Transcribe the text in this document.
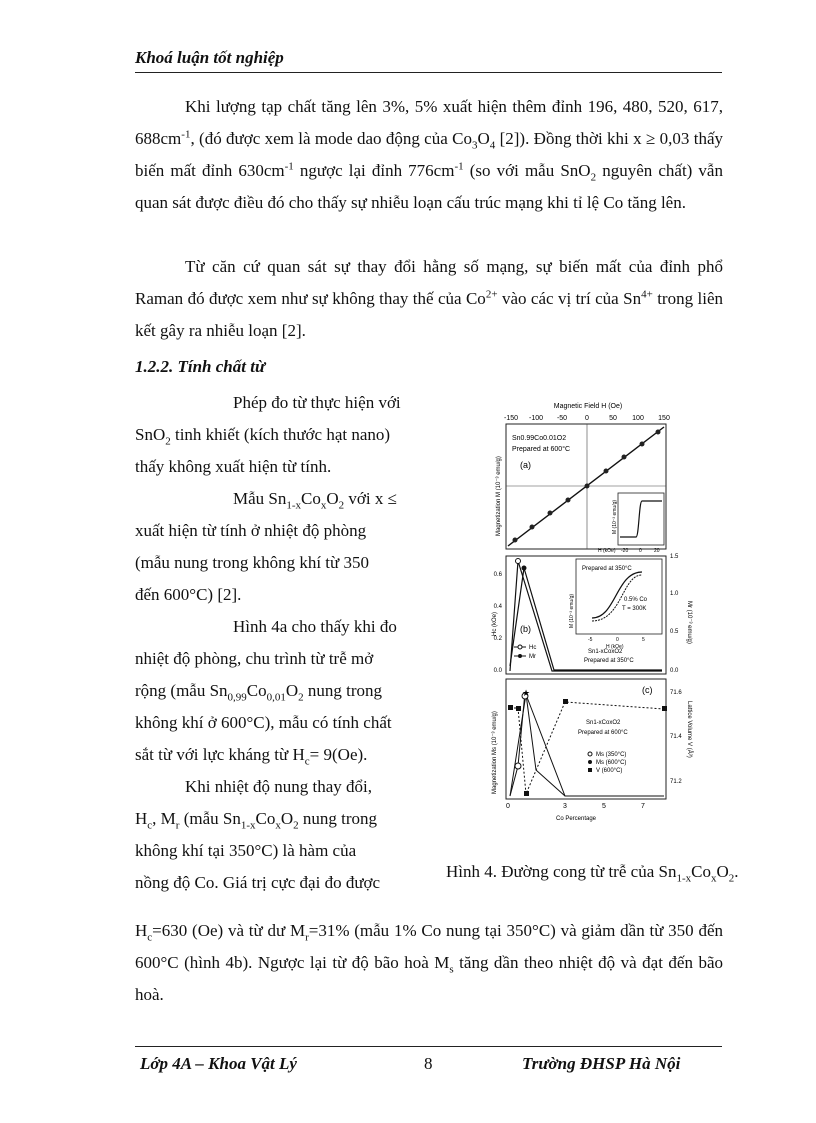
Khoá luận tốt nghiệp
Khi lượng tạp chất tăng lên 3%, 5% xuất hiện thêm đỉnh 196, 480, 520, 617, $688cm^{-1}$, (đó được xem là mode dao động của $Co_3O_4$ [2]). Đồng thời khi x ≥ 0,03 thấy biến mất đỉnh $630cm^{-1}$ ngược lại đỉnh $776cm^{-1}$ (so với mẫu SnO$_2$ nguyên chất) vẫn quan sát được điều đó cho thấy sự nhiễu loạn cấu trúc mạng khi tỉ lệ Co tăng lên.
Từ căn cứ quan sát sự thay đổi hằng số mạng, sự biến mất của đỉnh phổ Raman đó được xem như sự không thay thế của $Co^{2+}$ vào các vị trí của $Sn^{4+}$ trong liên kết gây ra nhiễu loạn [2].
1.2.2. Tính chất từ

Phép đo từ thực hiện với

SnO$_2$ tinh khiết (kích thước hạt nano)

thấy không xuất hiện từ tính.

Mẫu $Sn_{1-x}Co_xO_2$ với x ≤

xuất hiện từ tính ở nhiệt độ phòng

(mẫu nung trong không khí từ 350

đến 600°C) [2].

Hình 4a cho thấy khi đo

nhiệt độ phòng, chu trình từ trễ mở

rộng (mẫu $Sn_{0,99}Co_{0,01}O_2$ nung trong

không khí ở 600°C), mẫu có tính chất

sắt từ với lực kháng từ $H_c= 9(Oe)$.

Khi nhiệt độ nung thay đổi,

$H_c$, $M_r$ (mẫu $Sn_{1-x}Co_xO_2$ nung trong

không khí tại 350°C) là hàm của

nồng độ Co. Giá trị cực đại đo được

Magnetic Field H (Oe)
-150 -100 -50	0	50 100 150
Sn0.99Co0.01O2
Prepared at 600°C
(a)
Magnetization M (10⁻³ emu/g)	M (10⁻³ emu/g)
-20 0 20
H (kOe)
0.6
0.4
0.2
0.0
1.5
1.0
0.5
0.0
Hc (kOe)	Mr (10⁻³ emu/g)
(b)
Hc
Mr
Sn1-xCoxO2
Prepared at 350°C
Prepared at 350°C
0.5% Co
T = 300K
-5	0	5
H (kOe)
M (10⁻³ emu/g)
(c)	71.6
71.4
71.2
Lattice Volume V (Å³)
Magnetization Ms (10⁻³ emu/g)
★
Sn1-xCoxO2
Prepared at 600°C
Ms (350°C)
Ms (600°C)
V (600°C)
0	3	5	7
Co Percentage
Hình 4. Đường cong từ trễ của $Sn_{1-x}Co_xO_2$.
$H_c=630$ (Oe) và từ dư $M_r=31\%$ (mẫu 1% Co nung tại 350°C) và giảm dần từ 350 đến 600°C (hình 4b). Ngược lại từ độ bão hoà $M_s$ tăng dần theo nhiệt độ và đạt đến bão hoà.
Lớp 4A – Khoa Vật Lý	8	Trường ĐHSP Hà Nội
